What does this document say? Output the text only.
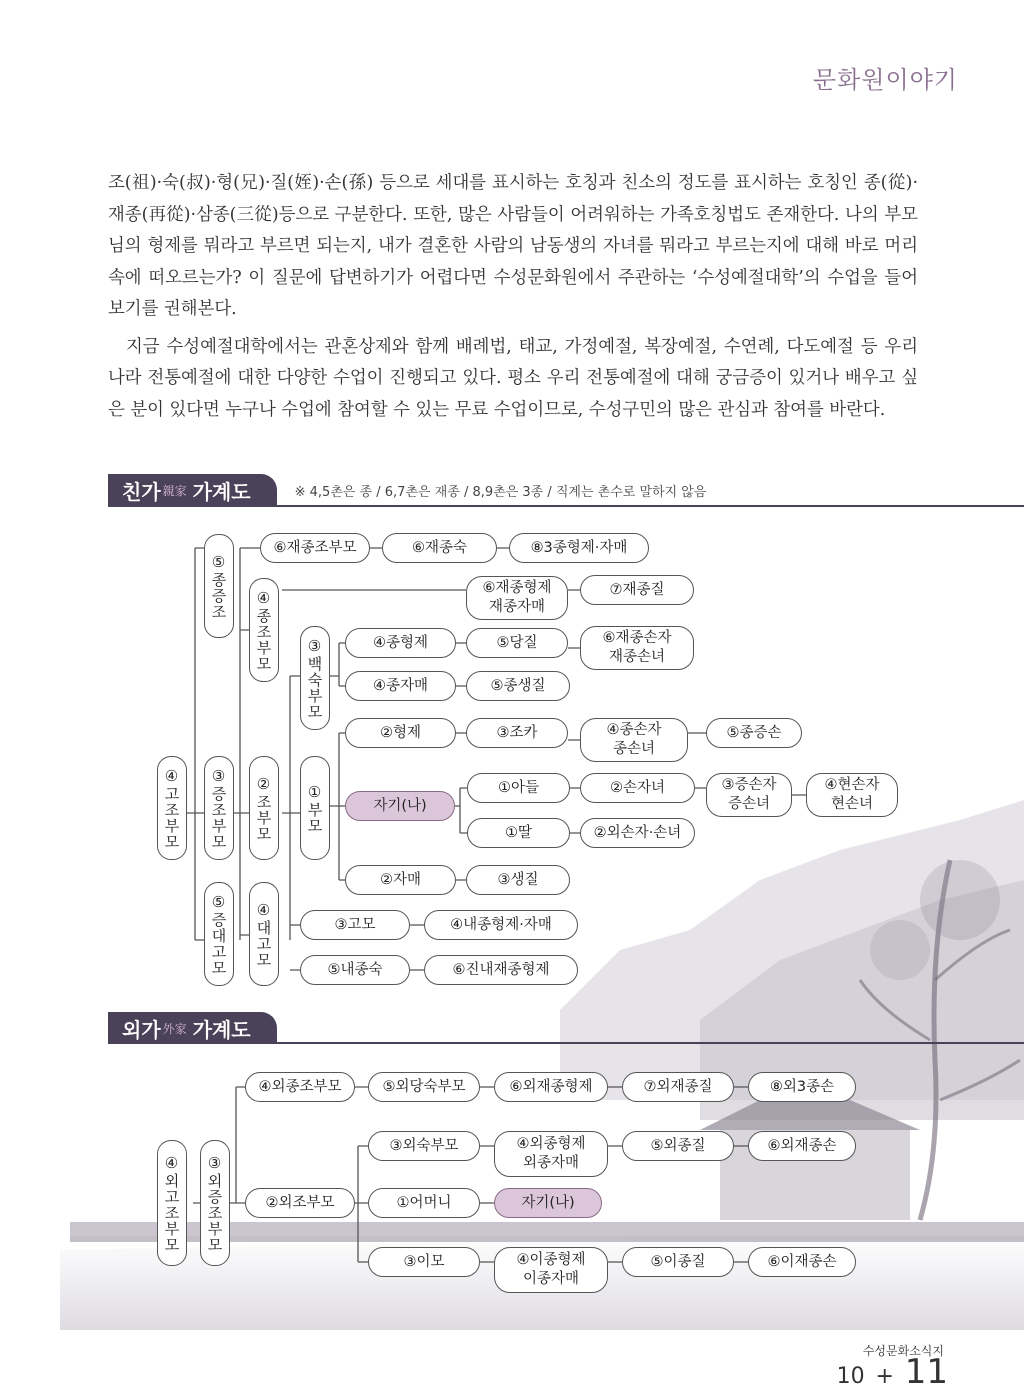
문화원이야기

조(祖)·숙(叔)·형(兄)·질(姪)·손(孫) 등으로 세대를 표시하는 호칭과 친소의 정도를 표시하는 호칭인 종(從)·재종(再從)·삼종(三從)등으로 구분한다. 또한, 많은 사람들이 어려워하는 가족호칭법도 존재한다. 나의 부모님의 형제를 뭐라고 부르면 되는지, 내가 결혼한 사람의 남동생의 자녀를 뭐라고 부르는지에 대해 바로 머리 속에 떠오르는가? 이 질문에 답변하기가 어렵다면 수성문화원에서 주관하는 ‘수성예절대학’의 수업을 들어보기를 권해본다.

지금 수성예절대학에서는 관혼상제와 함께 배례법, 태교, 가정예절, 복장예절, 수연례, 다도예절 등 우리나라 전통예절에 대한 다양한 수업이 진행되고 있다. 평소 우리 전통예절에 대해 궁금증이 있거나 배우고 싶은 분이 있다면 누구나 수업에 참여할 수 있는 무료 수업이므로, 수성구민의 많은 관심과 참여를 바란다.

친가 親家 가계도	※ 4,5촌은 종 / 6,7촌은 재종 / 8,9촌은 3종 / 직계는 촌수로 말하지 않음
외가 外家 가계도
④고조부모
⑤종증조
③증조부모
⑤증대고모
④종조부모
②조부모
④대고모
③백숙부모
①부모
⑥재종조부모	⑥재종숙	⑧3종형제·자매
⑥재종형제
재종자매
⑦재종질
④종형제	⑤당질	⑥재종손자
재종손녀
④종자매	⑤종생질
②형제	③조카	④종손자
종손녀
⑤종증손
자기(나)
①아들	②손자녀	③증손자
증손녀
④현손자
현손녀
①딸	②외손자·손녀
②자매	③생질
③고모	④내종형제·자매
⑤내종숙	⑥진내재종형제
④외고조부모	③외증조부모
④외종조부모	⑤외당숙부모	⑥외재종형제	⑦외재종질	⑧외3종손
③외숙부모	④외종형제
외종자매
⑤외종질	⑥외재종손
②외조부모	①어머니	자기(나)
③이모	④이종형제
이종자매
⑤이종질	⑥이재종손
수성문화소식지
10 + 11
